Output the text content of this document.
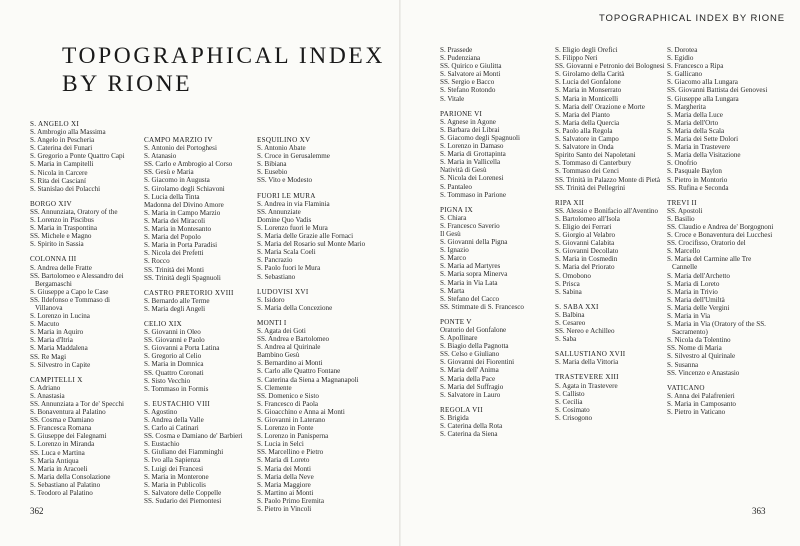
TOPOGRAPHICAL INDEX
BY RIONE
TOPOGRAPHICAL INDEX BY RIONE
S. ANGELO XI
S. Ambrogio alla Massima
S. Angelo in Pescheria
S. Caterina dei Funari
S. Gregorio a Ponte Quattro Capi
S. Maria in Campitelli
S. Nicola in Carcere
S. Rita dei Cascianí
S. Stanislao dei Polacchi
BORGO XIV
SS. Annunziata, Oratory of the
S. Lorenzo in Piscibus
S. Maria in Traspontina
SS. Michele e Magno
S. Spirito in Sassia
COLONNA III
S. Andrea delle Fratte
SS. Bartolomeo e Alessandro dei Bergamaschi
S. Giuseppe a Capo le Case
SS. Ildefonso e Tommaso di Villanova
S. Lorenzo in Lucina
S. Macuto
S. Maria in Aquiro
S. Maria d'Itria
S. Maria Maddalena
SS. Re Magi
S. Silvestro in Capite
CAMPITELLI X
S. Adriano
S. Anastasia
SS. Annunziata a Tor de' Specchi
S. Bonaventura al Palatino
SS. Cosma e Damiano
S. Francesca Romana
S. Giuseppe dei Falegnami
S. Lorenzo in Miranda
SS. Luca e Martina
S. Maria Antiqua
S. Maria in Aracoeli
S. Maria della Consolazione
S. Sebastiano al Palatino
S. Teodoro al Palatino
CAMPO MARZIO IV
S. Antonio dei Portoghesi
S. Atanasio
SS. Carlo e Ambrogio al Corso
SS. Gesù e Maria
S. Giacomo in Augusta
S. Girolamo degli Schiavoni
S. Lucia della Tinta
Madonna del Divino Amore
S. Maria in Campo Marzio
S. Maria dei Miracoli
S. Maria in Montesanto
S. Maria del Popolo
S. Maria in Porta Paradisi
S. Nicola dei Prefetti
S. Rocco
SS. Trinità dei Monti
SS. Trinità degli Spagnuoli
CASTRO PRETORIO XVIII
S. Bernardo alle Terme
S. Maria degli Angeli
CELIO XIX
S. Giovanni in Oleo
SS. Giovanni e Paolo
S. Giovanni a Porta Latina
S. Gregorio al Celio
S. Maria in Domnica
SS. Quattro Coronati
S. Sisto Vecchio
S. Tommaso in Formis
S. EUSTACHIO VIII
S. Agostino
S. Andrea della Valle
S. Carlo ai Catinari
SS. Cosma e Damiano de' Barbieri
S. Eustachio
S. Giuliano dei Fiamminghi
S. Ivo alla Sapienza
S. Luigi dei Francesi
S. Maria in Monterone
S. Maria in Publicolis
S. Salvatore delle Coppelle
SS. Sudario dei Piemontesi
ESQUILINO XV
S. Antonio Abate
S. Croce in Gerusalemme
S. Bibiana
S. Eusebio
SS. Vito e Modesto
FUORI LE MURA
S. Andrea in via Flaminia
SS. Annunziate
Domine Quo Vadis
S. Lorenzo fuori le Mura
S. Maria delle Grazie alle Fornaci
S. Maria del Rosario sul Monte Mario
S. Maria Scala Coeli
S. Pancrazio
S. Paolo fuori le Mura
S. Sebastiano
LUDOVISI XVI
S. Isidoro
S. Maria della Concezione
MONTI I
S. Agata dei Goti
SS. Andrea e Bartolomeo
S. Andrea al Quirinale
Bambino Gesù
S. Bernardino ai Monti
S. Carlo alle Quattro Fontane
S. Caterina da Siena a Magnanapoli
S. Clemente
SS. Domenico e Sisto
S. Francesco di Paola
S. Gioacchino e Anna ai Monti
S. Giovanni in Laterano
S. Lorenzo in Fonte
S. Lorenzo in Panisperna
S. Lucia in Selci
SS. Marcellino e Pietro
S. Maria di Loreto
S. Maria dei Monti
S. Maria della Neve
S. Maria Maggiore
S. Martino ai Monti
S. Paolo Primo Eremita
S. Pietro in Vincoli
S. Prassede
S. Pudenziana
SS. Quirico e Giulitta
S. Salvatore ai Monti
SS. Sergio e Bacco
S. Stefano Rotondo
S. Vitale
PARIONE VI
S. Agnese in Agone
S. Barbara dei Librai
S. Giacomo degli Spagnuoli
S. Lorenzo in Damaso
S. Maria di Grottapinta
S. Maria in Vallicella
Natività di Gesù
S. Nicola dei Lorenesi
S. Pantaleo
S. Tommaso in Parione
PIGNA IX
S. Chiara
S. Francesco Saverio
Il Gesù
S. Giovanni della Pigna
S. Ignazio
S. Marco
S. Maria ad Martyres
S. Maria sopra Minerva
S. Maria in Via Lata
S. Marta
S. Stefano del Cacco
SS. Stimmate di S. Francesco
PONTE V
Oratorio del Gonfalone
S. Apollinare
S. Biagio della Pagnotta
SS. Celso e Giuliano
S. Giovanni dei Fiorentini
S. Maria dell' Anima
S. Maria della Pace
S. Maria del Suffragio
S. Salvatore in Lauro
REGOLA VII
S. Brigida
S. Caterina della Rota
S. Caterina da Siena
S. Eligio degli Orefici
S. Filippo Neri
SS. Giovanni e Petronio dei Bolognesi
S. Girolamo della Carità
S. Lucia del Gonfalone
S. Maria in Monserrato
S. Maria in Monticelli
S. Maria dell' Orazione e Morte
S. Maria del Pianto
S. Maria della Quercia
S. Paolo alla Regola
S. Salvatore in Campo
S. Salvatore in Onda
Spirito Santo dei Napoletani
S. Tommaso di Canterbury
S. Tommaso dei Cenci
SS. Trinità in Palazzo Monte di Pietà
SS. Trinità dei Pellegrini
RIPA XII
SS. Alessio e Bonifacio all'Aventino
S. Bartolomeo all'Isola
S. Eligio dei Ferrari
S. Giorgio al Velabro
S. Giovanni Calabita
S. Giovanni Decollato
S. Maria in Cosmedin
S. Maria del Priorato
S. Omobono
S. Prisca
S. Sabina
S. SABA XXI
S. Balbina
S. Cesareo
SS. Nereo e Achilleo
S. Saba
SALLUSTIANO XVII
S. Maria della Vittoria
TRASTEVERE XIII
S. Agata in Trastevere
S. Callisto
S. Cecilia
S. Cosimato
S. Crisogono
S. Dorotea
S. Egidio
S. Francesco a Ripa
S. Gallicano
S. Giacomo alla Lungara
SS. Giovanni Battista dei Genovesi
S. Giuseppe alla Lungara
S. Margherita
S. Maria della Luce
S. Maria dell'Orto
S. Maria della Scala
S. Maria dei Sette Dolori
S. Maria in Trastevere
S. Maria della Visitazione
S. Onofrio
S. Pasquale Baylon
S. Pietro in Montorio
SS. Rufina e Seconda
TREVI II
SS. Apostoli
S. Basilio
SS. Claudio e Andrea de' Borgognoni
S. Croce e Bonaventura dei Lucchesi
SS. Crocifisso, Oratorio del
S. Marcello
S. Maria del Carmine alle Tre Cannelle
S. Maria dell'Archetto
S. Maria di Loreto
S. Maria in Trivio
S. Maria dell'Umiltà
S. Maria delle Vergini
S. Maria in Via
S. Maria in Via (Oratory of the SS. Sacramento)
S. Nicola da Tolentino
SS. Nome di Maria
S. Silvestro al Quirinale
S. Susanna
SS. Vincenzo e Anastasio
VATICANO
S. Anna dei Palafrenieri
S. Maria in Camposanto
S. Pietro in Vaticano
362	363
